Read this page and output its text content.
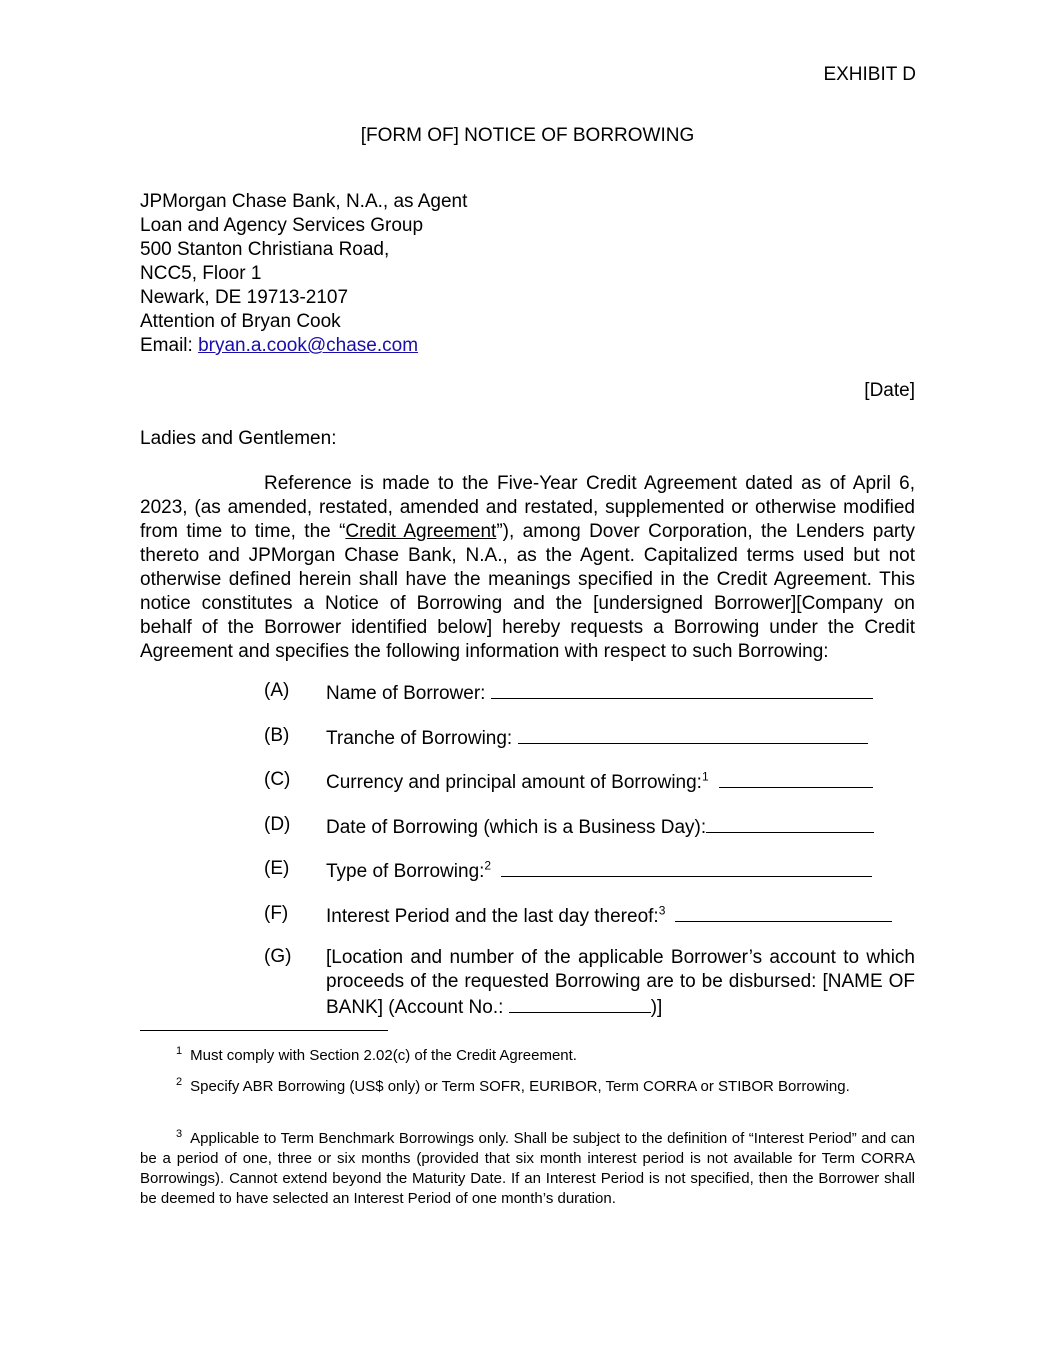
EXHIBIT D
[FORM OF] NOTICE OF BORROWING
JPMorgan Chase Bank, N.A., as Agent
Loan and Agency Services Group
500 Stanton Christiana Road,
NCC5, Floor 1
Newark, DE 19713-2107
Attention of Bryan Cook
Email: bryan.a.cook@chase.com
[Date]
Ladies and Gentlemen:
Reference is made to the Five-Year Credit Agreement dated as of April 6, 2023, (as amended, restated, amended and restated, supplemented or otherwise modified from time to time, the “Credit Agreement”), among Dover Corporation, the Lenders party thereto and JPMorgan Chase Bank, N.A., as the Agent. Capitalized terms used but not otherwise defined herein shall have the meanings specified in the Credit Agreement. This notice constitutes a Notice of Borrowing and the [undersigned Borrower][Company on behalf of the Borrower identified below] hereby requests a Borrowing under the Credit Agreement and specifies the following information with respect to such Borrowing:
(A) Name of Borrower:
(B) Tranche of Borrowing:
(C) Currency and principal amount of Borrowing:$^1$
(D) Date of Borrowing (which is a Business Day):
(E) Type of Borrowing:$^2$
(F) Interest Period and the last day thereof:$^3$
(G) [Location and number of the applicable Borrower’s account to which proceeds of the requested Borrowing are to be disbursed: [NAME OF BANK] (Account No.:	)]
1 Must comply with Section 2.02(c) of the Credit Agreement.
2 Specify ABR Borrowing (US$ only) or Term SOFR, EURIBOR, Term CORRA or STIBOR Borrowing.
3 Applicable to Term Benchmark Borrowings only. Shall be subject to the definition of “Interest Period” and can be a period of one, three or six months (provided that six month interest period is not available for Term CORRA Borrowings). Cannot extend beyond the Maturity Date. If an Interest Period is not specified, then the Borrower shall be deemed to have selected an Interest Period of one month’s duration.
